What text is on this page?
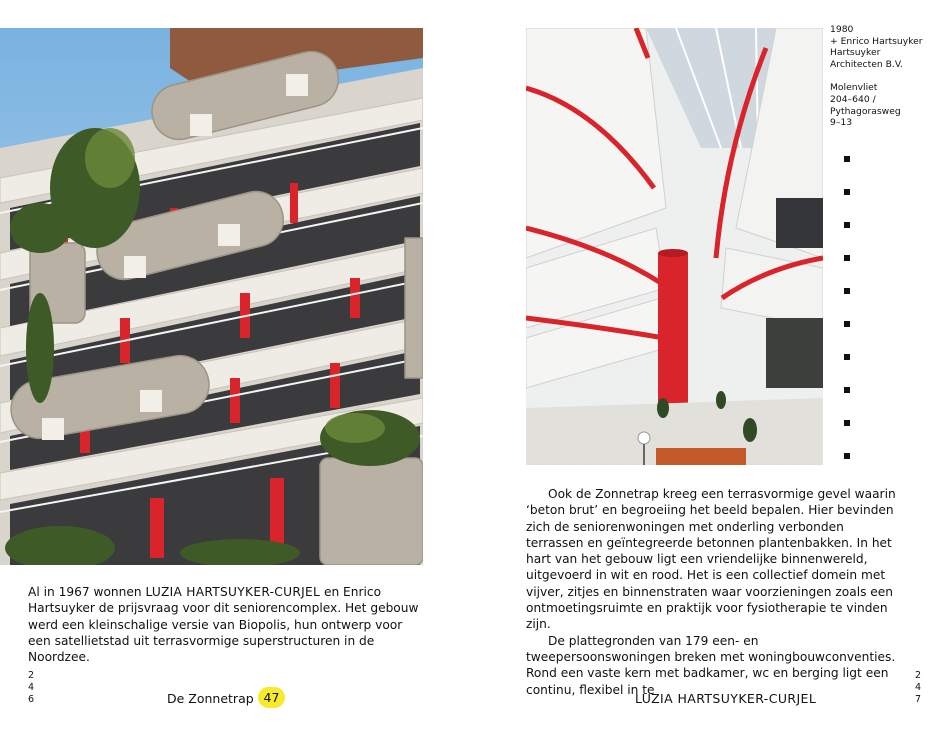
Al in 1967 wonnen LUZIA HARTSUYKER-CURJEL en Enrico Hartsuyker de prijsvraag voor dit seniorencomplex. Het gebouw werd een kleinschalige versie van Biopolis, hun ontwerp voor een satellietstad uit terrasvormige superstructuren in de Noordzee.

2
4
6	De Zonnetrap 47
1980
+ Enrico Hartsuyker
Hartsuyker
Architecten B.V.
Molenvliet
204–640 /
Pythagorasweg
9–13

Ook de Zonnetrap kreeg een terrasvormige gevel waarin ‘beton brut’ en begroeiing het beeld bepalen. Hier bevinden zich de seniorenwoningen met onderling verbonden terrassen en geïntegreerde betonnen plantenbakken. In het hart van het gebouw ligt een vriendelijke binnenwereld, uitgevoerd in wit en rood. Het is een collectief domein met vijver, zitjes en binnenstraten waar voorzieningen zoals een ontmoetingsruimte en praktijk voor fysiotherapie te vinden zijn.

De plattegronden van 179 een- en tweepersoonswoningen breken met woningbouwconventies. Rond een vaste kern met badkamer, wc en berging ligt een continu, flexibel in te

2
4
7
LUZIA HARTSUYKER-CURJEL
